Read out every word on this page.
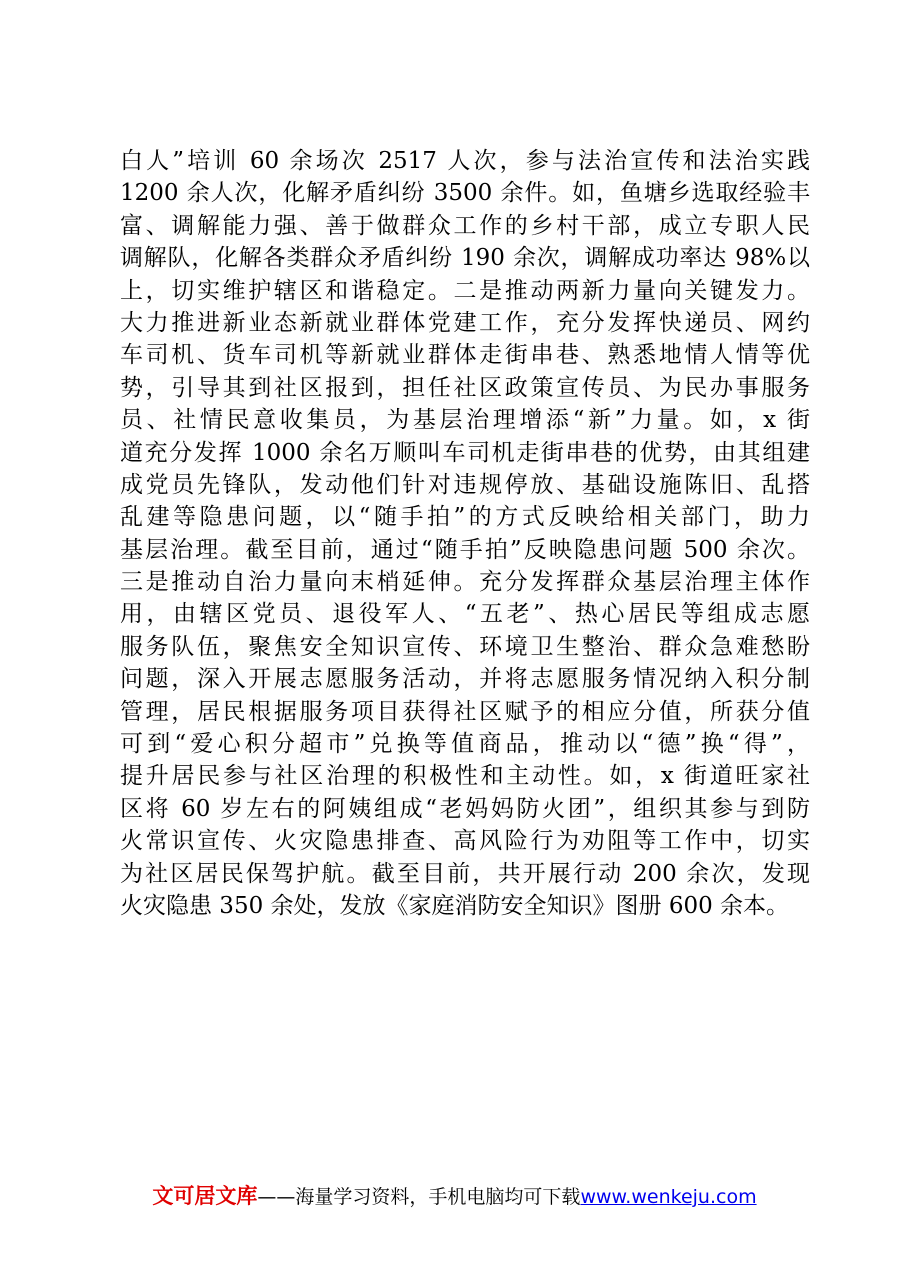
白人”培训 60 余场次 2517 人次，参与法治宣传和法治实践
1200 余人次，化解矛盾纠纷 3500 余件。如，鱼塘乡选取经验丰
富、调解能力强、善于做群众工作的乡村干部，成立专职人民
调解队，化解各类群众矛盾纠纷 190 余次，调解成功率达 98%以
上，切实维护辖区和谐稳定。二是推动两新力量向关键发力。
大力推进新业态新就业群体党建工作，充分发挥快递员、网约
车司机、货车司机等新就业群体走街串巷、熟悉地情人情等优
势，引导其到社区报到，担任社区政策宣传员、为民办事服务
员、社情民意收集员，为基层治理增添“新”力量。如，x 街
道充分发挥 1000 余名万顺叫车司机走街串巷的优势，由其组建
成党员先锋队，发动他们针对违规停放、基础设施陈旧、乱搭
乱建等隐患问题，以“随手拍”的方式反映给相关部门，助力
基层治理。截至目前，通过“随手拍”反映隐患问题 500 余次。
三是推动自治力量向末梢延伸。充分发挥群众基层治理主体作
用，由辖区党员、退役军人、“五老”、热心居民等组成志愿
服务队伍，聚焦安全知识宣传、环境卫生整治、群众急难愁盼
问题，深入开展志愿服务活动，并将志愿服务情况纳入积分制
管理，居民根据服务项目获得社区赋予的相应分值，所获分值
可到“爱心积分超市”兑换等值商品，推动以“德”换“得”，
提升居民参与社区治理的积极性和主动性。如，x 街道旺家社
区将 60 岁左右的阿姨组成“老妈妈防火团”，组织其参与到防
火常识宣传、火灾隐患排查、高风险行为劝阻等工作中，切实
为社区居民保驾护航。截至目前，共开展行动 200 余次，发现
火灾隐患 350 余处，发放《家庭消防安全知识》图册 600 余本。
文可居文库——海量学习资料，手机电脑均可下载www.wenkeju.com
